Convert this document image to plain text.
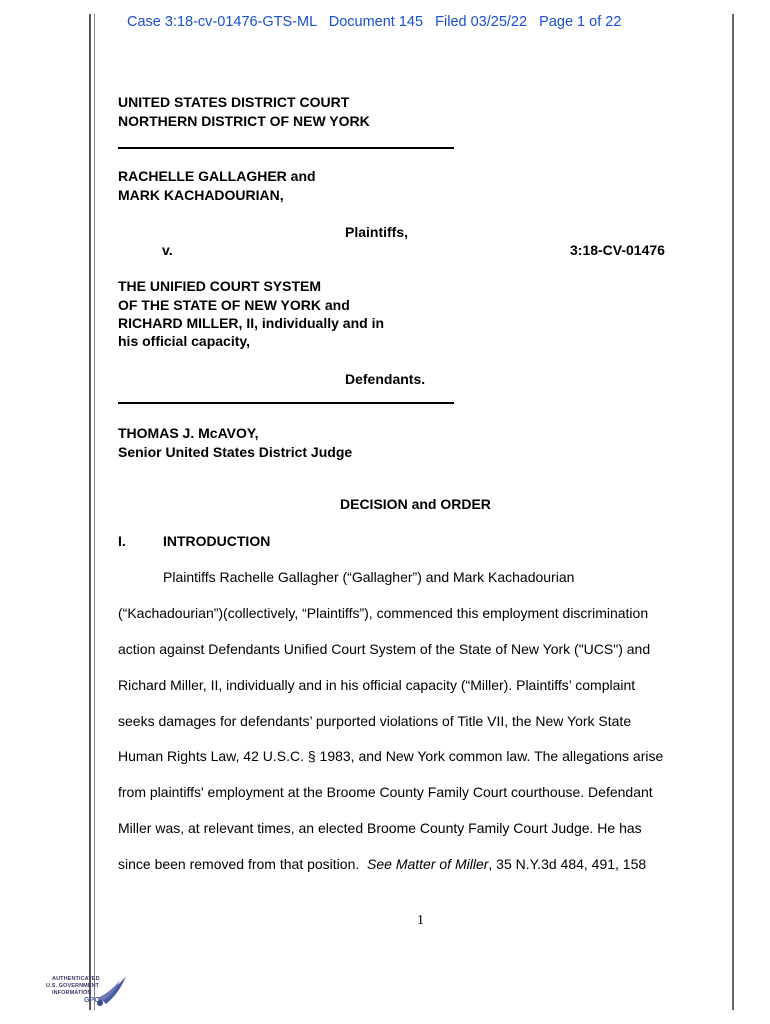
Case 3:18-cv-01476-GTS-ML Document 145 Filed 03/25/22 Page 1 of 22
UNITED STATES DISTRICT COURT
NORTHERN DISTRICT OF NEW YORK
RACHELLE GALLAGHER and
MARK KACHADOURIAN,
Plaintiffs,
v.	3:18-CV-01476
THE UNIFIED COURT SYSTEM
OF THE STATE OF NEW YORK and
RICHARD MILLER, II, individually and in
his official capacity,
Defendants.
THOMAS J. McAVOY,
Senior United States District Judge
DECISION and ORDER
I.	INTRODUCTION
Plaintiffs Rachelle Gallagher (“Gallagher”) and Mark Kachadourian
(“Kachadourian”)(collectively, “Plaintiffs”), commenced this employment discrimination
action against Defendants Unified Court System of the State of New York ("UCS") and
Richard Miller, II, individually and in his official capacity (“Miller). Plaintiffs’ complaint
seeks damages for defendants’ purported violations of Title VII, the New York State
Human Rights Law, 42 U.S.C. § 1983, and New York common law. The allegations arise
from plaintiffs' employment at the Broome County Family Court courthouse. Defendant
Miller was, at relevant times, an elected Broome County Family Court Judge. He has
since been removed from that position.  See Matter of Miller, 35 N.Y.3d 484, 491, 158
1
AUTHENTICATED
U.S. GOVERNMENT
INFORMATION
GPO
